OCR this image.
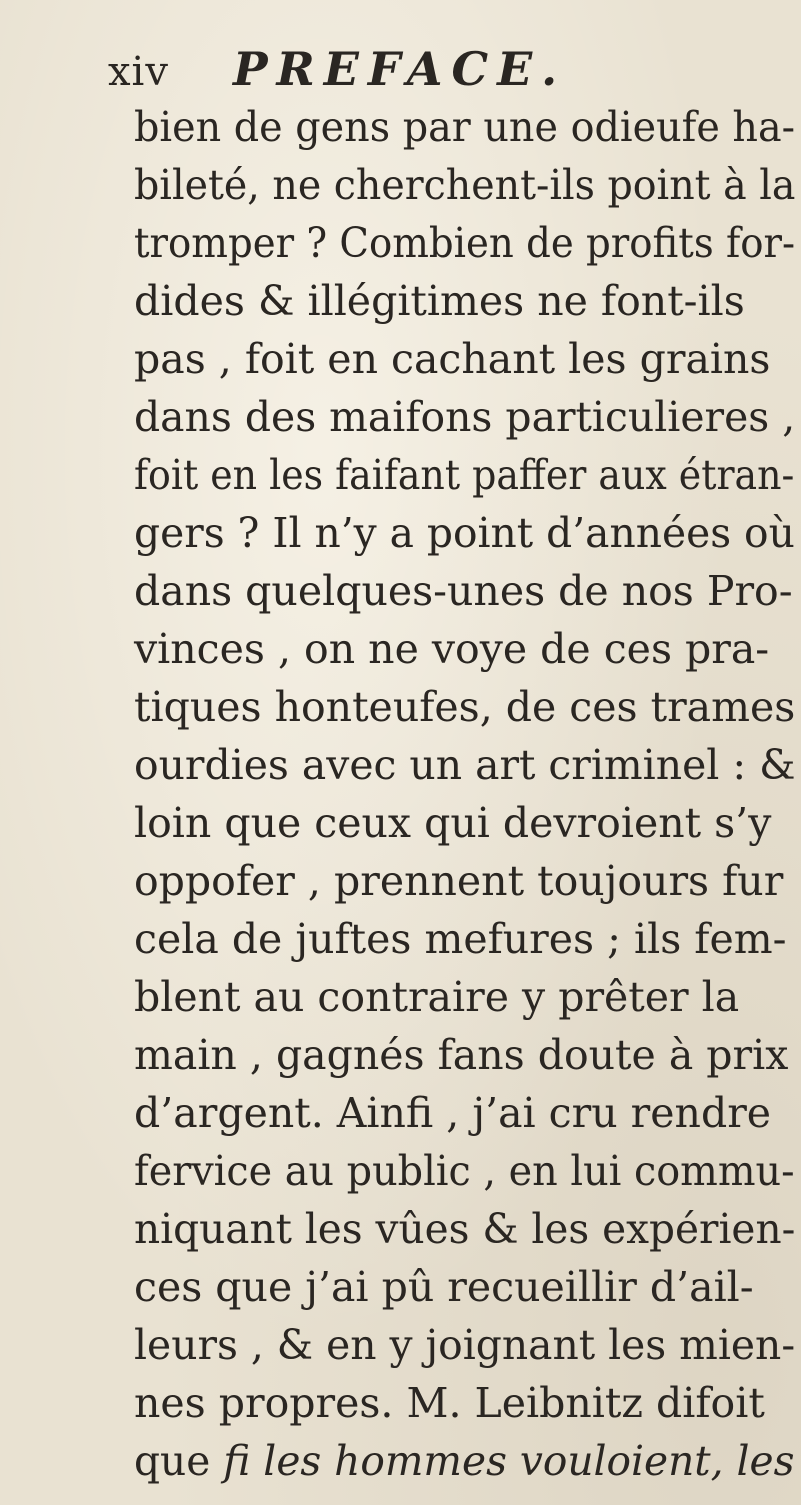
xiv PREFACE.
bien de gens par une odieufe ha-
bileté, ne cherchent-ils point à la
tromper ? Combien de profits for-
dides & illégitimes ne font-ils
pas , foit en cachant les grains
dans des maifons particulieres ,
foit en les faifant paffer aux étran-
gers ? Il n’y a point d’années où
dans quelques-unes de nos Pro-
vinces , on ne voye de ces pra-
tiques honteufes, de ces trames
ourdies avec un art criminel : &
loin que ceux qui devroient s’y
oppofer , prennent toujours fur
cela de juftes mefures ; ils fem-
blent au contraire y prêter la
main , gagnés fans doute à prix
d’argent. Ainfi , j’ai cru rendre
fervice au public , en lui commu-
niquant les vûes & les expérien-
ces que j’ai pû recueillir d’ail-
leurs , & en y joignant les mien-
nes propres. M. Leibnitz difoit
que fi les hommes vouloient, les
